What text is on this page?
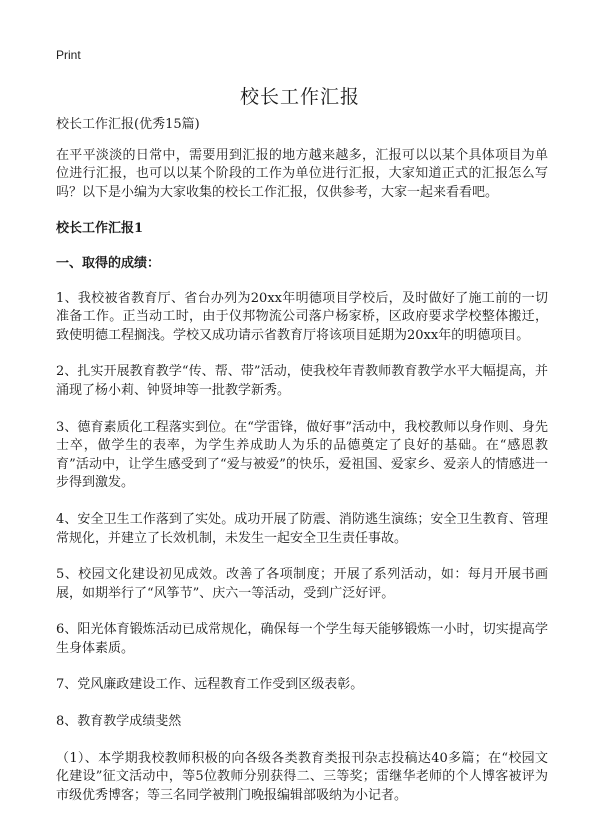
Print
校长工作汇报

校长工作汇报(优秀15篇)

在平平淡淡的日常中，需要用到汇报的地方越来越多，汇报可以以某个具体项目为单位进行汇报，也可以以某个阶段的工作为单位进行汇报，大家知道正式的汇报怎么写吗？以下是小编为大家收集的校长工作汇报，仅供参考，大家一起来看看吧。

校长工作汇报1

一、取得的成绩：

1、我校被省教育厅、省台办列为20xx年明德项目学校后，及时做好了施工前的一切准备工作。正当动工时，由于仪邦物流公司落户杨家桥，区政府要求学校整体搬迁，致使明德工程搁浅。学校又成功请示省教育厅将该项目延期为20xx年的明德项目。

2、扎实开展教育教学“传、帮、带”活动，使我校年青教师教育教学水平大幅提高，并涌现了杨小莉、钟贤坤等一批教学新秀。

3、德育素质化工程落实到位。在“学雷锋，做好事”活动中，我校教师以身作则、身先士卒，做学生的表率，为学生养成助人为乐的品德奠定了良好的基础。在“感恩教育”活动中，让学生感受到了“爱与被爱”的快乐，爱祖国、爱家乡、爱亲人的情感进一步得到激发。

4、安全卫生工作落到了实处。成功开展了防震、消防逃生演练；安全卫生教育、管理常规化，并建立了长效机制，未发生一起安全卫生责任事故。

5、校园文化建设初见成效。改善了各项制度；开展了系列活动，如：每月开展书画展，如期举行了“风筝节”、庆六一等活动，受到广泛好评。

6、阳光体育锻炼活动已成常规化，确保每一个学生每天能够锻炼一小时，切实提高学生身体素质。

7、党风廉政建设工作、远程教育工作受到区级表彰。

8、教育教学成绩斐然

（1）、本学期我校教师积极的向各级各类教育类报刊杂志投稿达40多篇；在“校园文化建设”征文活动中，等5位教师分别获得二、三等奖；雷继华老师的个人博客被评为市级优秀博客；等三名同学被荆门晚报编辑部吸纳为小记者。
